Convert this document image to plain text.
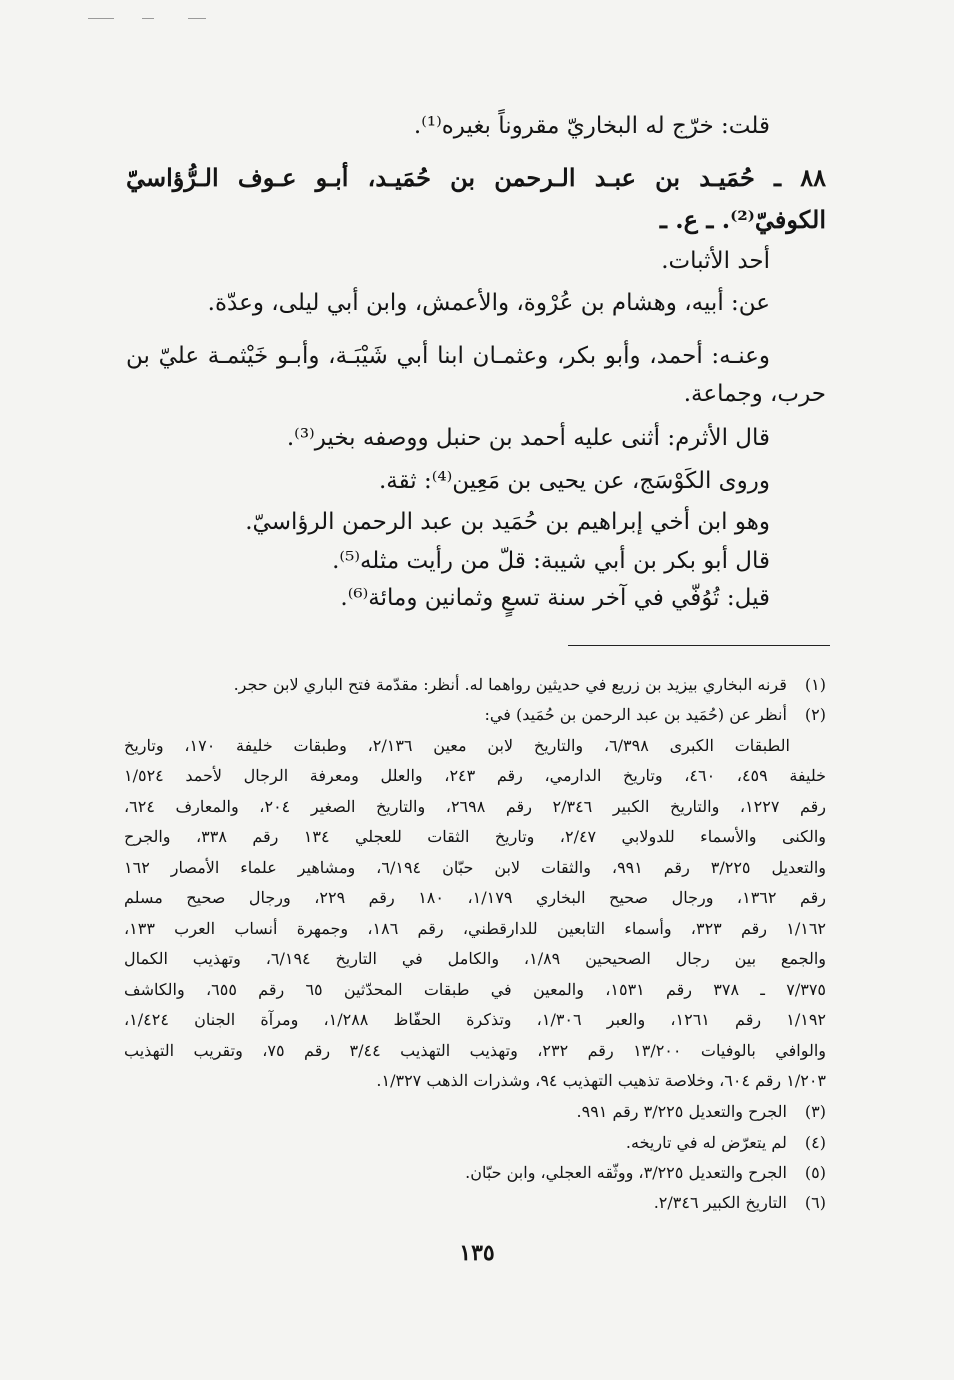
قلت: خرّج له البخاريّ مقروناً بغيره⁽¹⁾.

٨٨ ـ حُمَيـد بن عبـد الـرحمن بن حُمَيـد، أبـو عـوف الـرُّؤاسيّ

الكوفيّ⁽²⁾. ـ ع. ـ

أحد الأثبات.

عن: أبيه، وهشام بن عُرْوة، والأعمش، وابن أبي ليلى، وعدّة.

وعنـه: أحمد، وأبو بكر، وعثمـان ابنا أبي شَيْبَـة، وأبـو خَيْثمـة عليّ بن

حرب، وجماعة.

قال الأثرم: أثنى عليه أحمد بن حنبل ووصفه بخير⁽³⁾.

وروى الكَوْسَج، عن يحيى بن مَعِين⁽⁴⁾: ثقة.

وهو ابن أخي إبراهيم بن حُمَيد بن عبد الرحمن الرؤاسيّ.

قال أبو بكر بن أبي شيبة: قلّ من رأيت مثله⁽⁵⁾.

قيل: تُوُفّي في آخر سنة تسعٍ وثمانين ومائة⁽⁶⁾.

(١) قرنه البخاري بيزيد بن زريع في حديثين رواهما له. أنظر: مقدّمة فتح الباري لابن حجر.

(٢) أنظر عن (حُمَيد بن عبد الرحمن بن حُمَيد) في:

الطبقات الكبرى ٦/٣٩٨، والتاريخ لابن معين ٢/١٣٦، وطبقات خليفة ١٧٠، وتاريخ

خليفة ٤٥٩، ٤٦٠، وتاريخ الدارمي، رقم ٢٤٣، والعلل ومعرفة الرجال لأحمد ١/٥٢٤

رقم ١٢٢٧، والتاريخ الكبير ٢/٣٤٦ رقم ٢٦٩٨، والتاريخ الصغير ٢٠٤، والمعارف ٦٢٤،

والكنى والأسماء للدولابي ٢/٤٧، وتاريخ الثقات للعجلي ١٣٤ رقم ٣٣٨، والجرح

والتعديل ٣/٢٢٥ رقم ٩٩١، والثقات لابن حبّان ٦/١٩٤، ومشاهير علماء الأمصار ١٦٢

رقم ١٣٦٢، ورجال صحيح البخاري ١/١٧٩، ١٨٠ رقم ٢٢٩، ورجال صحيح مسلم

١/١٦٢ رقم ٣٢٣، وأسماء التابعين للدارقطني، رقم ١٨٦، وجمهرة أنساب العرب ١٣٣،

والجمع بين رجال الصحيحين ١/٨٩، والكامل في التاريخ ٦/١٩٤، وتهذيب الكمال

٧/٣٧٥ ـ ٣٧٨ رقم ١٥٣١، والمعين في طبقات المحدّثين ٦٥ رقم ٦٥٥، والكاشف

١/١٩٢ رقم ١٢٦١، والعبر ١/٣٠٦، وتذكرة الحفّاظ ١/٢٨٨، ومرآة الجنان ١/٤٢٤،

والوافي بالوفيات ١٣/٢٠٠ رقم ٢٣٢، وتهذيب التهذيب ٣/٤٤ رقم ٧٥، وتقريب التهذيب

١/٢٠٣ رقم ٦٠٤، وخلاصة تذهيب التهذيب ٩٤، وشذرات الذهب ١/٣٢٧.

(٣) الجرح والتعديل ٣/٢٢٥ رقم ٩٩١.

(٤) لم يتعرّض له في تاريخه.

(٥) الجرح والتعديل ٣/٢٢٥، ووثّقه العجلي، وابن حبّان.

(٦) التاريخ الكبير ٢/٣٤٦.

١٣٥
